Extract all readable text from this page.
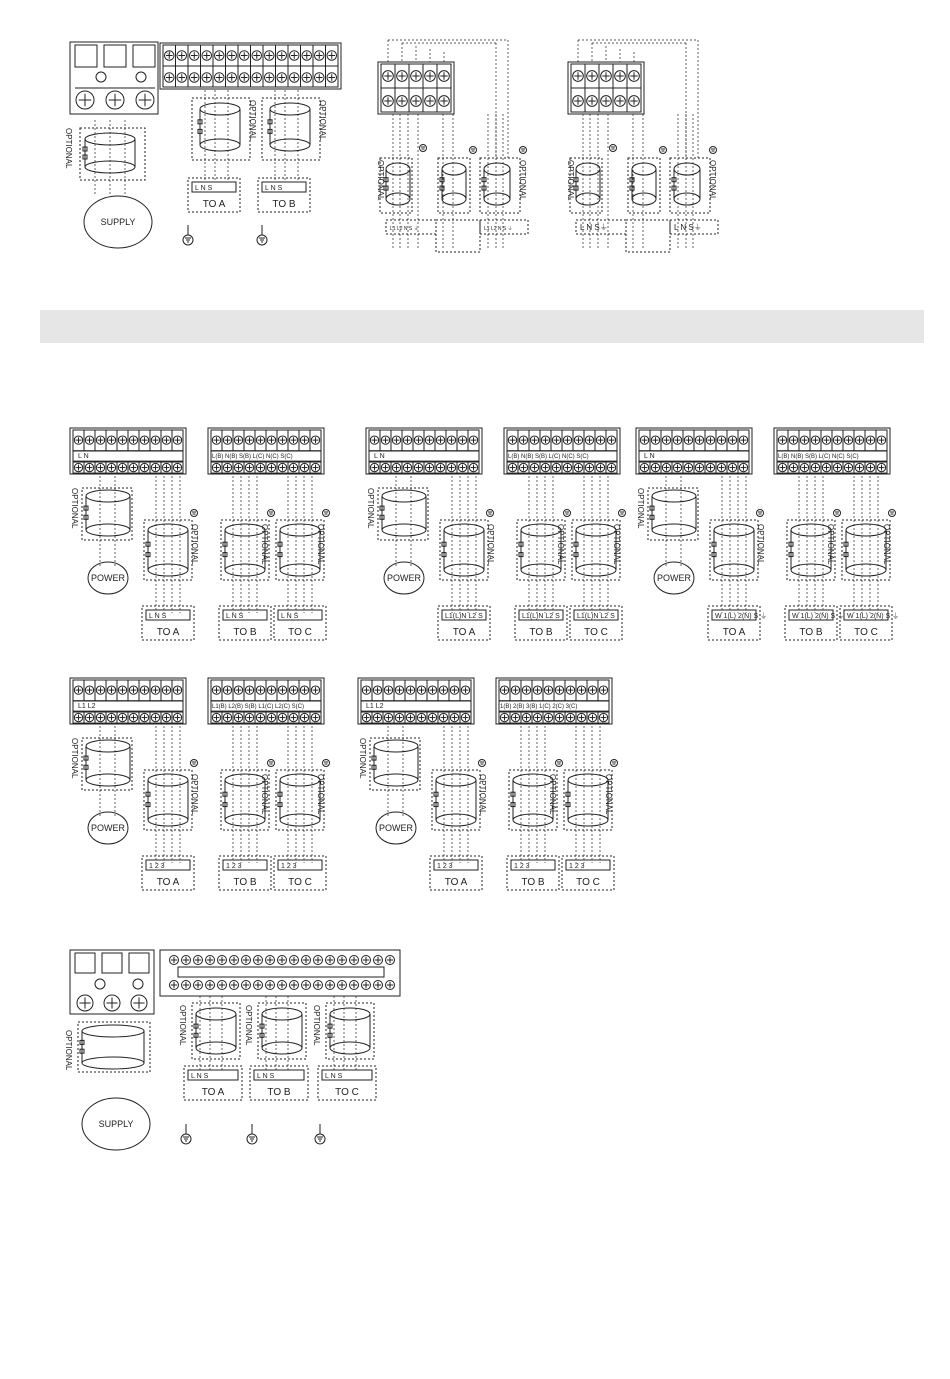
○
OPTIONAL
SUPPLY
OPTIONAL
L N S
TO A
OPTIONAL
L N S
TO B
OPTIONAL	OPTIONAL
L1 L2 N S ⏚	L1 L2 N S ⏚
OPTIONAL	OPTIONAL
L N S⏚	L N S⏚
L N	L(B) N(B) S(B) L(C) N(C) S(C)
OPTIONAL
POWER
L N S
TO A
L N S
TO B
L N S
TO C
OPTIONAL	OPTIONAL	OPTIONAL
L N	L(B) N(B) S(B) L(C) N(C) S(C)
OPTIONAL
POWER
L1(L)N L2 S
TO A
L1(L)N L2 S
TO B
L1(L)N L2 S
TO C
OPTIONAL	OPTIONAL	OPTIONAL
L N	L(B) N(B) S(B) L(C) N(C) S(C)
OPTIONAL
POWER
W 1(L) 2(N) S ⏚
TO A
W 1(L) 2(N) S ⏚
TO B
W 1(L) 2(N) S ⏚
TO C
OPTIONAL	OPTIONAL	OPTIONAL
L1 L2	L1(B) L2(B) S(B) L1(C) L2(C) S(C)
OPTIONAL
POWER
1 2 3
TO A
1 2 3
TO B
1 2 3
TO C
OPTIONAL	OPTIONAL	OPTIONAL
L1 L2	1(B) 2(B) 3(B) 1(C) 2(C) 3(C)
OPTIONAL
POWER
1 2 3
TO A
1 2 3
TO B
1 2 3
TO C
OPTIONAL	OPTIONAL	OPTIONAL
OPTIONAL
SUPPLY
OPTIONAL
L N S
TO A
OPTIONAL
L N S
TO B
OPTIONAL
L N S
TO C
